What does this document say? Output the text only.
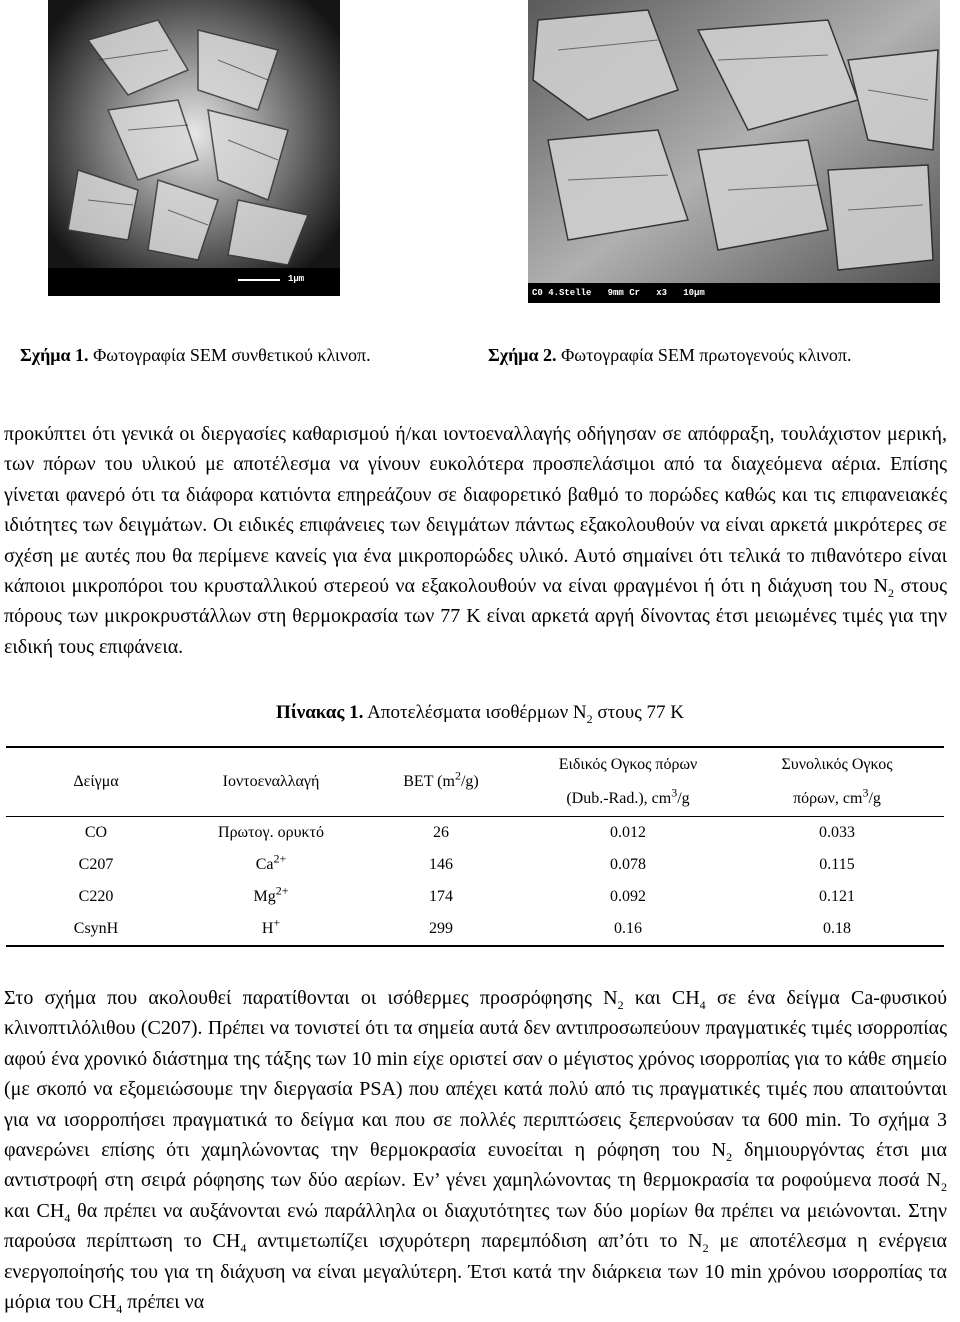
1μm
C0 4.Stelle   9mm Cr   x3   10μm
Σχήμα 1. Φωτογραφία SEM συνθετικού κλινοπ.	Σχήμα 2. Φωτογραφία SEM πρωτογενούς κλινοπ.
προκύπτει ότι γενικά οι διεργασίες καθαρισμού ή/και ιοντοεναλλαγής οδήγησαν σε απόφραξη, τουλάχιστον μερική, των πόρων του υλικού με αποτέλεσμα να γίνουν ευκολότερα προσπελάσιμοι από τα διαχεόμενα αέρια. Επίσης γίνεται φανερό ότι τα διάφορα κατιόντα επηρεάζουν σε διαφορετικό βαθμό το πορώδες καθώς και τις επιφανειακές ιδιότητες των δειγμάτων. Οι ειδικές επιφάνειες των δειγμάτων πάντως εξακολουθούν να είναι αρκετά μικρότερες σε σχέση με αυτές που θα περίμενε κανείς για ένα μικροπορώδες υλικό. Αυτό σημαίνει ότι τελικά το πιθανότερο είναι κάποιοι μικροπόροι του κρυσταλλικού στερεού να εξακολουθούν να είναι φραγμένοι ή ότι η διάχυση του $N_2$ στους πόρους των μικροκρυστάλλων στη θερμοκρασία των 77 K είναι αρκετά αργή δίνοντας έτσι μειωμένες τιμές για την ειδική τους επιφάνεια.
Πίνακας 1. Αποτελέσματα ισοθέρμων $N_2$ στους 77 K
Δείγμα	Ιοντοεναλλαγή	BET $(m^2/g)$	Ειδικός Ογκος πόρων	Συνολικός Ογκος
			(Dub.-Rad.), $cm^3/g$	πόρων, $cm^3/g$
CO	Πρωτογ. ορυκτό	26	0.012	0.033
C207	$Ca^{2+}$	146	0.078	0.115
C220	$Mg^{2+}$	174	0.092	0.121
CsynH	H+	299	0.16	0.18
Στο σχήμα που ακολουθεί παρατίθονται οι ισόθερμες προσρόφησης $N_2$ και $CH_4$ σε ένα δείγμα Ca-φυσικού κλινοπτιλόλιθου (C207). Πρέπει να τονιστεί ότι τα σημεία αυτά δεν αντιπροσωπεύουν πραγματικές τιμές ισορροπίας αφού ένα χρονικό διάστημα της τάξης των 10 min είχε οριστεί σαν ο μέγιστος χρόνος ισορροπίας για το κάθε σημείο (με σκοπό να εξομειώσουμε την διεργασία PSA) που απέχει κατά πολύ από τις πραγματικές τιμές που απαιτούνται για να ισορροπήσει πραγματικά το δείγμα και που σε πολλές περιπτώσεις ξεπερνούσαν τα 600 min. Το σχήμα 3 φανερώνει επίσης ότι χαμηλώνοντας την θερμοκρασία ευνοείται η ρόφηση του $N_2$ δημιουργόντας έτσι μια αντιστροφή στη σειρά ρόφησης των δύο αερίων. Εν’ γένει χαμηλώνοντας τη θερμοκρασία τα ροφούμενα ποσά $N_2$ και $CH_4$ θα πρέπει να αυξάνονται ενώ παράλληλα οι διαχυτότητες των δύο μορίων θα πρέπει να μειώνονται. Στην παρούσα περίπτωση το $CH_4$ αντιμετωπίζει ισχυρότερη παρεμπόδιση απ’ότι το $N_2$ με αποτέλεσμα η ενέργεια ενεργοποίησής του για τη διάχυση να είναι μεγαλύτερη. Έτσι κατά την διάρκεια των 10 min χρόνου ισορροπίας τα μόρια του $CH_4$ πρέπει να
